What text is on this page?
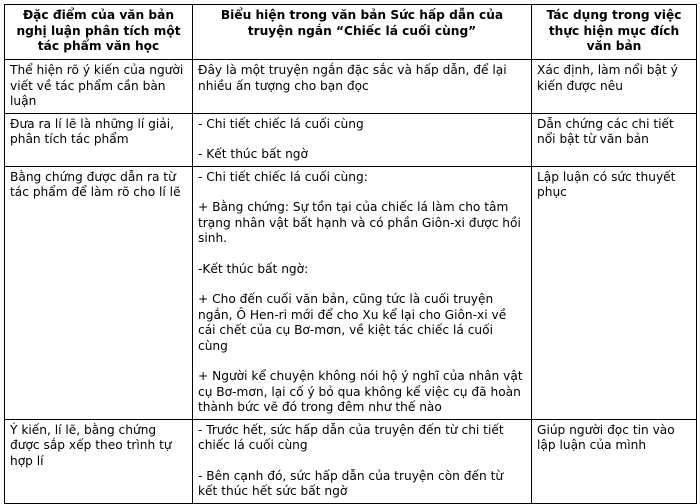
Đặc điểm của văn bản nghị luận phân tích một tác phẩm văn học	Biểu hiện trong văn bản Sức hấp dẫn của truyện ngắn “Chiếc lá cuối cùng”	Tác dụng trong việc thực hiện mục đích văn bản
Thể hiện rõ ý kiến của người viết về tác phẩm cần bàn luận	Đây là một truyện ngắn đặc sắc và hấp dẫn, để lại nhiều ấn tượng cho bạn đọc	Xác định, làm nổi bật ý kiến được nêu
Đưa ra lí lẽ là những lí giải, phân tích tác phẩm	- Chi tiết chiếc lá cuối cùng

- Kết thúc bất ngờ	Dẫn chứng các chi tiết nổi bật từ văn bản
Bằng chứng được dẫn ra từ tác phẩm để làm rõ cho lí lẽ	- Chi tiết chiếc lá cuối cùng:

+ Bằng chứng: Sự tồn tại của chiếc lá làm cho tâm trạng nhân vật bất hạnh và có phần Giôn-xi được hồi sinh.

-Kết thúc bất ngờ:

+ Cho đến cuối văn bản, cũng tức là cuối truyện ngắn, Ô Hen-ri mới để cho Xu kể lại cho Giôn-xi về cái chết của cụ Bơ-mơn, về kiệt tác chiếc lá cuối cùng

+ Người kể chuyện không nói hộ ý nghĩ của nhân vật cụ Bơ-mơn, lại cố ý bỏ qua không kể việc cụ đã hoàn thành bức vẽ đó trong đêm như thế nào	Lập luận có sức thuyết phục
Ý kiến, lí lẽ, bằng chứng được sắp xếp theo trình tự hợp lí	- Trước hết, sức hấp dẫn của truyện đến từ chi tiết chiếc lá cuối cùng

- Bên cạnh đó, sức hấp dẫn của truyện còn đến từ kết thúc hết sức bất ngờ	Giúp người đọc tin vào lập luận của mình
